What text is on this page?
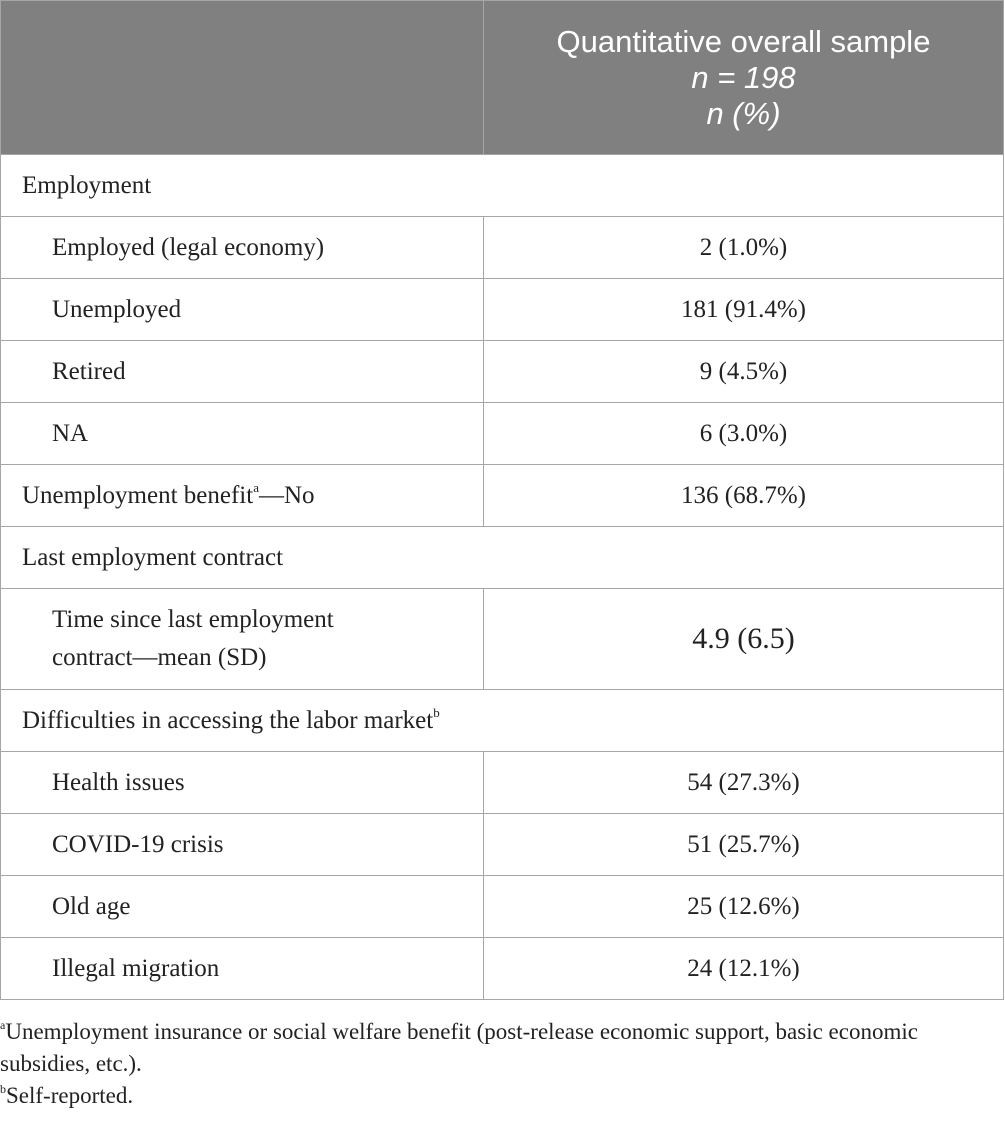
	Quantitative overall sample
n = 198
n (%)

Employment	
Employed (legal economy)	2 (1.0%)
Unemployed	181 (91.4%)
Retired	9 (4.5%)
NA	6 (3.0%)
Unemployment benefit$^a$—No	136 (68.7%)
Last employment contract	
Time since last employment
contract—mean (SD)	4.9 (6.5)
Difficulties in accessing the labor market$^b$
Health issues	54 (27.3%)
COVID-19 crisis	51 (25.7%)
Old age	25 (12.6%)
Illegal migration	24 (12.1%)

$^a$Unemployment insurance or social welfare benefit (post-release economic support, basic economic subsidies, etc.).

$^b$Self-reported.
